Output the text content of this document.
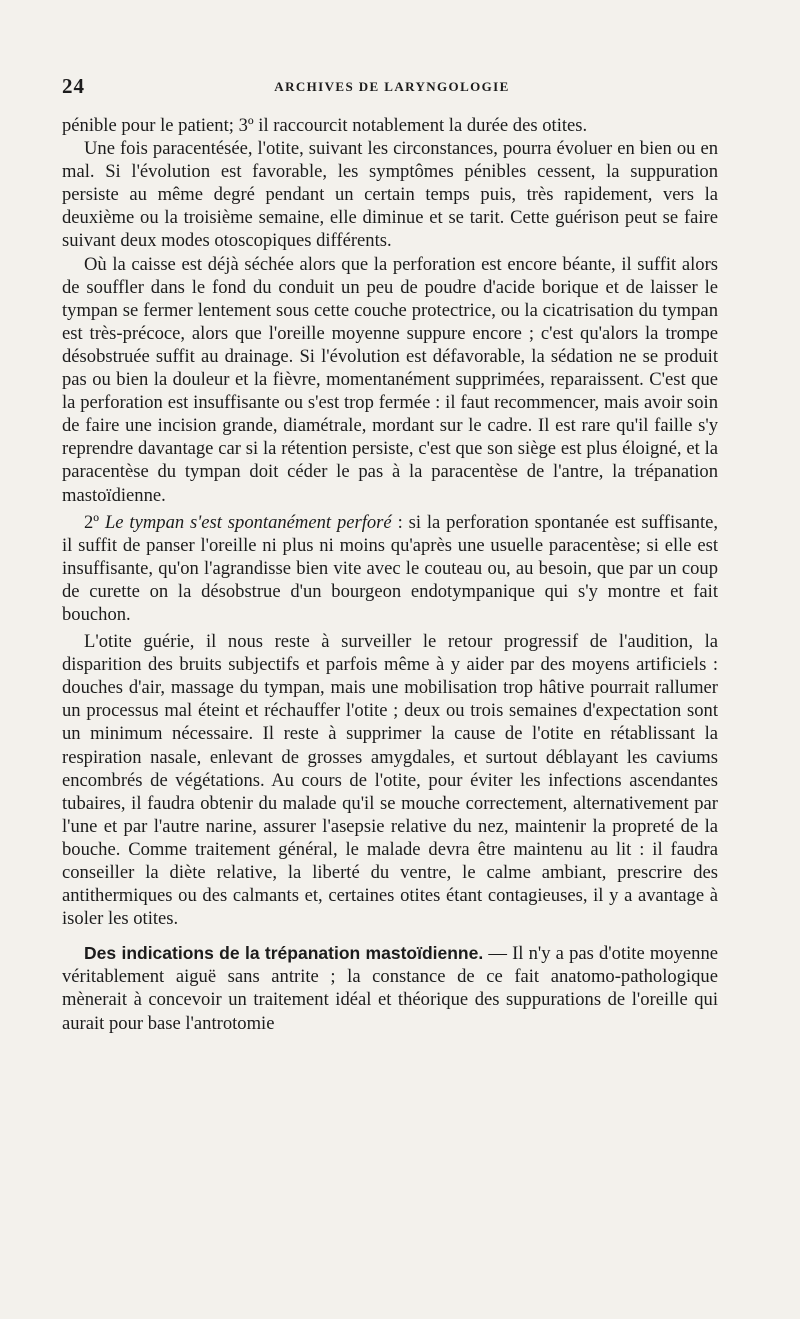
24	ARCHIVES DE LARYNGOLOGIE

pénible pour le patient; 3º il raccourcit notablement la durée des otites.

Une fois paracentésée, l'otite, suivant les circonstances, pourra évoluer en bien ou en mal. Si l'évolution est favorable, les symptômes pénibles cessent, la suppuration persiste au même degré pendant un certain temps puis, très rapidement, vers la deuxième ou la troisième semaine, elle diminue et se tarit. Cette guérison peut se faire suivant deux modes otoscopiques différents.

Où la caisse est déjà séchée alors que la perforation est encore béante, il suffit alors de souffler dans le fond du conduit un peu de poudre d'acide borique et de laisser le tympan se fermer lentement sous cette couche protectrice, ou la cicatrisation du tympan est très-précoce, alors que l'oreille moyenne suppure encore ; c'est qu'alors la trompe désobstruée suffit au drainage. Si l'évolution est défavorable, la sédation ne se produit pas ou bien la douleur et la fièvre, momentanément supprimées, reparaissent. C'est que la perforation est insuffisante ou s'est trop fermée : il faut recommencer, mais avoir soin de faire une incision grande, diamétrale, mordant sur le cadre. Il est rare qu'il faille s'y reprendre davantage car si la rétention persiste, c'est que son siège est plus éloigné, et la paracentèse du tympan doit céder le pas à la paracentèse de l'antre, la trépanation mastoïdienne.

2º Le tympan s'est spontanément perforé : si la perforation spontanée est suffisante, il suffit de panser l'oreille ni plus ni moins qu'après une usuelle paracentèse; si elle est insuffisante, qu'on l'agrandisse bien vite avec le couteau ou, au besoin, que par un coup de curette on la désobstrue d'un bourgeon endotympanique qui s'y montre et fait bouchon.

L'otite guérie, il nous reste à surveiller le retour progressif de l'audition, la disparition des bruits subjectifs et parfois même à y aider par des moyens artificiels : douches d'air, massage du tympan, mais une mobilisation trop hâtive pourrait rallumer un processus mal éteint et réchauffer l'otite ; deux ou trois semaines d'expectation sont un minimum nécessaire. Il reste à supprimer la cause de l'otite en rétablissant la respiration nasale, enlevant de grosses amygdales, et surtout déblayant les caviums encombrés de végétations. Au cours de l'otite, pour éviter les infections ascendantes tubaires, il faudra obtenir du malade qu'il se mouche correctement, alternativement par l'une et par l'autre narine, assurer l'asepsie relative du nez, maintenir la propreté de la bouche. Comme traitement général, le malade devra être maintenu au lit : il faudra conseiller la diète relative, la liberté du ventre, le calme ambiant, prescrire des antithermiques ou des calmants et, certaines otites étant contagieuses, il y a avantage à isoler les otites.

Des indications de la trépanation mastoïdienne. — Il n'y a pas d'otite moyenne véritablement aiguë sans antrite ; la constance de ce fait anatomo-pathologique mènerait à concevoir un traitement idéal et théorique des suppurations de l'oreille qui aurait pour base l'antrotomie
